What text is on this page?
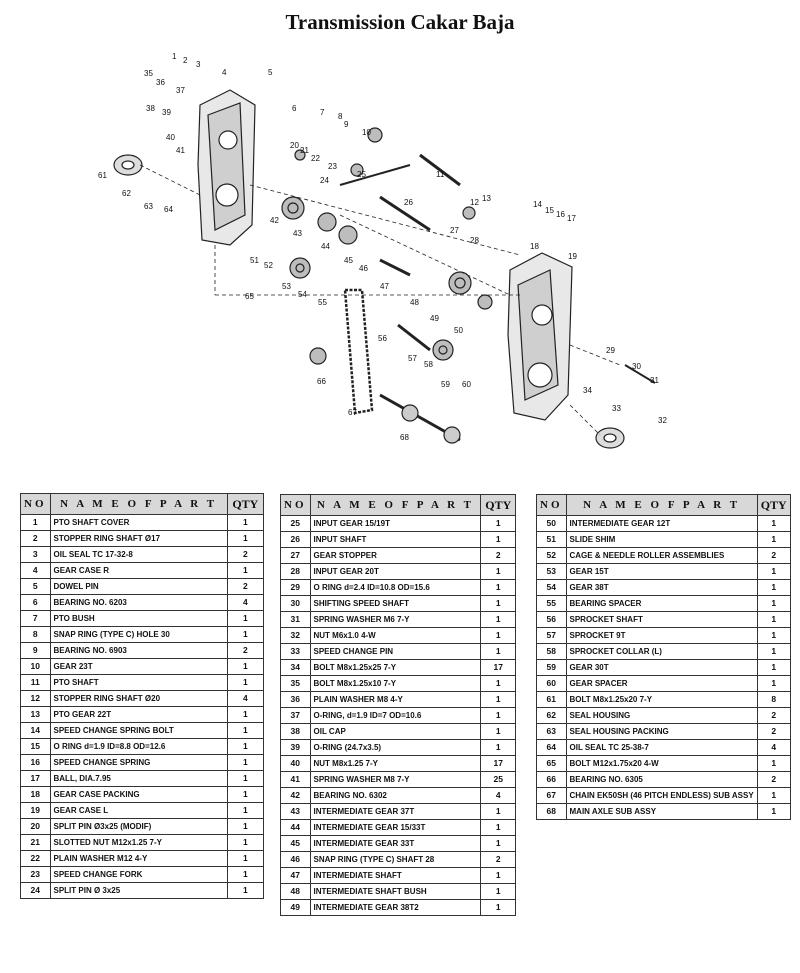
Transmission Cakar Baja
1 2 3
4	5
6	7 8
9
10
11
12 13
14
15 16 17
18
19
20
21
22
23
24
25
26
27
28
29
30
31
32
33
34
35
36
37
38 39
40
41
42
43
44
45
46
47
48
49
50
51
52
53
54
55
56
57
58
59 60
61
62
63 64
65
66
67
68
NO	N A M E O F P A R T	QTY
1	PTO SHAFT COVER	1
2	STOPPER RING SHAFT Ø17	1
3	OIL SEAL TC 17-32-8	2
4	GEAR CASE R	1
5	DOWEL PIN	2
6	BEARING NO. 6203	4
7	PTO BUSH	1
8	SNAP RING (TYPE C) HOLE 30	1
9	BEARING NO. 6903	2
10	GEAR 23T	1
11	PTO SHAFT	1
12	STOPPER RING SHAFT Ø20	4
13	PTO GEAR 22T	1
14	SPEED CHANGE SPRING BOLT	1
15	O RING d=1.9 ID=8.8 OD=12.6	1
16	SPEED CHANGE SPRING	1
17	BALL, DIA.7.95	1
18	GEAR CASE PACKING	1
19	GEAR CASE L	1
20	SPLIT PIN Ø3x25 (MODIF)	1
21	SLOTTED NUT M12x1.25 7-Y	1
22	PLAIN WASHER M12 4-Y	1
23	SPEED CHANGE FORK	1
24	SPLIT PIN Ø 3x25	1
NO	N A M E O F P A R T	QTY
25	INPUT GEAR 15/19T	1
26	INPUT SHAFT	1
27	GEAR STOPPER	2
28	INPUT GEAR 20T	1
29	O RING d=2.4 ID=10.8 OD=15.6	1
30	SHIFTING SPEED SHAFT	1
31	SPRING WASHER M6 7-Y	1
32	NUT M6x1.0 4-W	1
33	SPEED CHANGE PIN	1
34	BOLT M8x1.25x25 7-Y	17
35	BOLT M8x1.25x10 7-Y	1
36	PLAIN WASHER M8 4-Y	1
37	O-RING, d=1.9 ID=7 OD=10.6	1
38	OIL CAP	1
39	O-RING (24.7x3.5)	1
40	NUT M8x1.25 7-Y	17
41	SPRING WASHER M8 7-Y	25
42	BEARING NO. 6302	4
43	INTERMEDIATE GEAR 37T	1
44	INTERMEDIATE GEAR 15/33T	1
45	INTERMEDIATE GEAR 33T	1
46	SNAP RING (TYPE C) SHAFT 28	2
47	INTERMEDIATE SHAFT	1
48	INTERMEDIATE SHAFT BUSH	1
49	INTERMEDIATE GEAR 38T2	1
NO	N A M E O F P A R T	QTY
50	INTERMEDIATE GEAR 12T	1
51	SLIDE SHIM	1
52	CAGE & NEEDLE ROLLER ASSEMBLIES	2
53	GEAR 15T	1
54	GEAR 38T	1
55	BEARING SPACER	1
56	SPROCKET SHAFT	1
57	SPROCKET 9T	1
58	SPROCKET COLLAR (L)	1
59	GEAR 30T	1
60	GEAR SPACER	1
61	BOLT M8x1.25x20 7-Y	8
62	SEAL HOUSING	2
63	SEAL HOUSING PACKING	2
64	OIL SEAL TC 25-38-7	4
65	BOLT M12x1.75x20 4-W	1
66	BEARING NO. 6305	2
67	CHAIN EK50SH (46 PITCH ENDLESS) SUB ASSY	1
68	MAIN AXLE SUB ASSY	1
